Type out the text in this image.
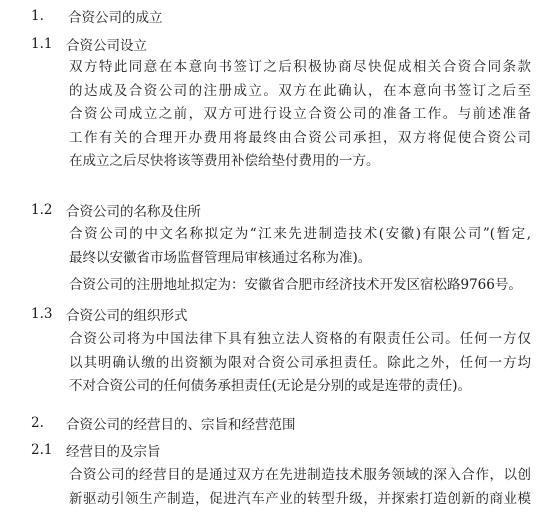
1. 合资公司的成立
1.1 合资公司设立
双方特此同意在本意向书签订之后积极协商尽快促成相关合资合同条款
的达成及合资公司的注册成立。双方在此确认，在本意向书签订之后至
合资公司成立之前，双方可进行设立合资公司的准备工作。与前述准备
工作有关的合理开办费用将最终由合资公司承担，双方将促使合资公司
在成立之后尽快将该等费用补偿给垫付费用的一方。
1.2 合资公司的名称及住所
合资公司的中文名称拟定为“江来先进制造技术(安徽)有限公司”(暂定,
最终以安徽省市场监督管理局审核通过名称为准)。
合资公司的注册地址拟定为：安徽省合肥市经济技术开发区宿松路9766号。
1.3 合资公司的组织形式
合资公司将为中国法律下具有独立法人资格的有限责任公司。任何一方仅
以其明确认缴的出资额为限对合资公司承担责任。除此之外，任何一方均
不对合资公司的任何债务承担责任(无论是分别的或是连带的责任)。
2. 合资公司的经营目的、宗旨和经营范围
2.1 经营目的及宗旨
合资公司的经营目的是通过双方在先进制造技术服务领域的深入合作，以创
新驱动引领生产制造，促进汽车产业的转型升级，并探索打造创新的商业模
